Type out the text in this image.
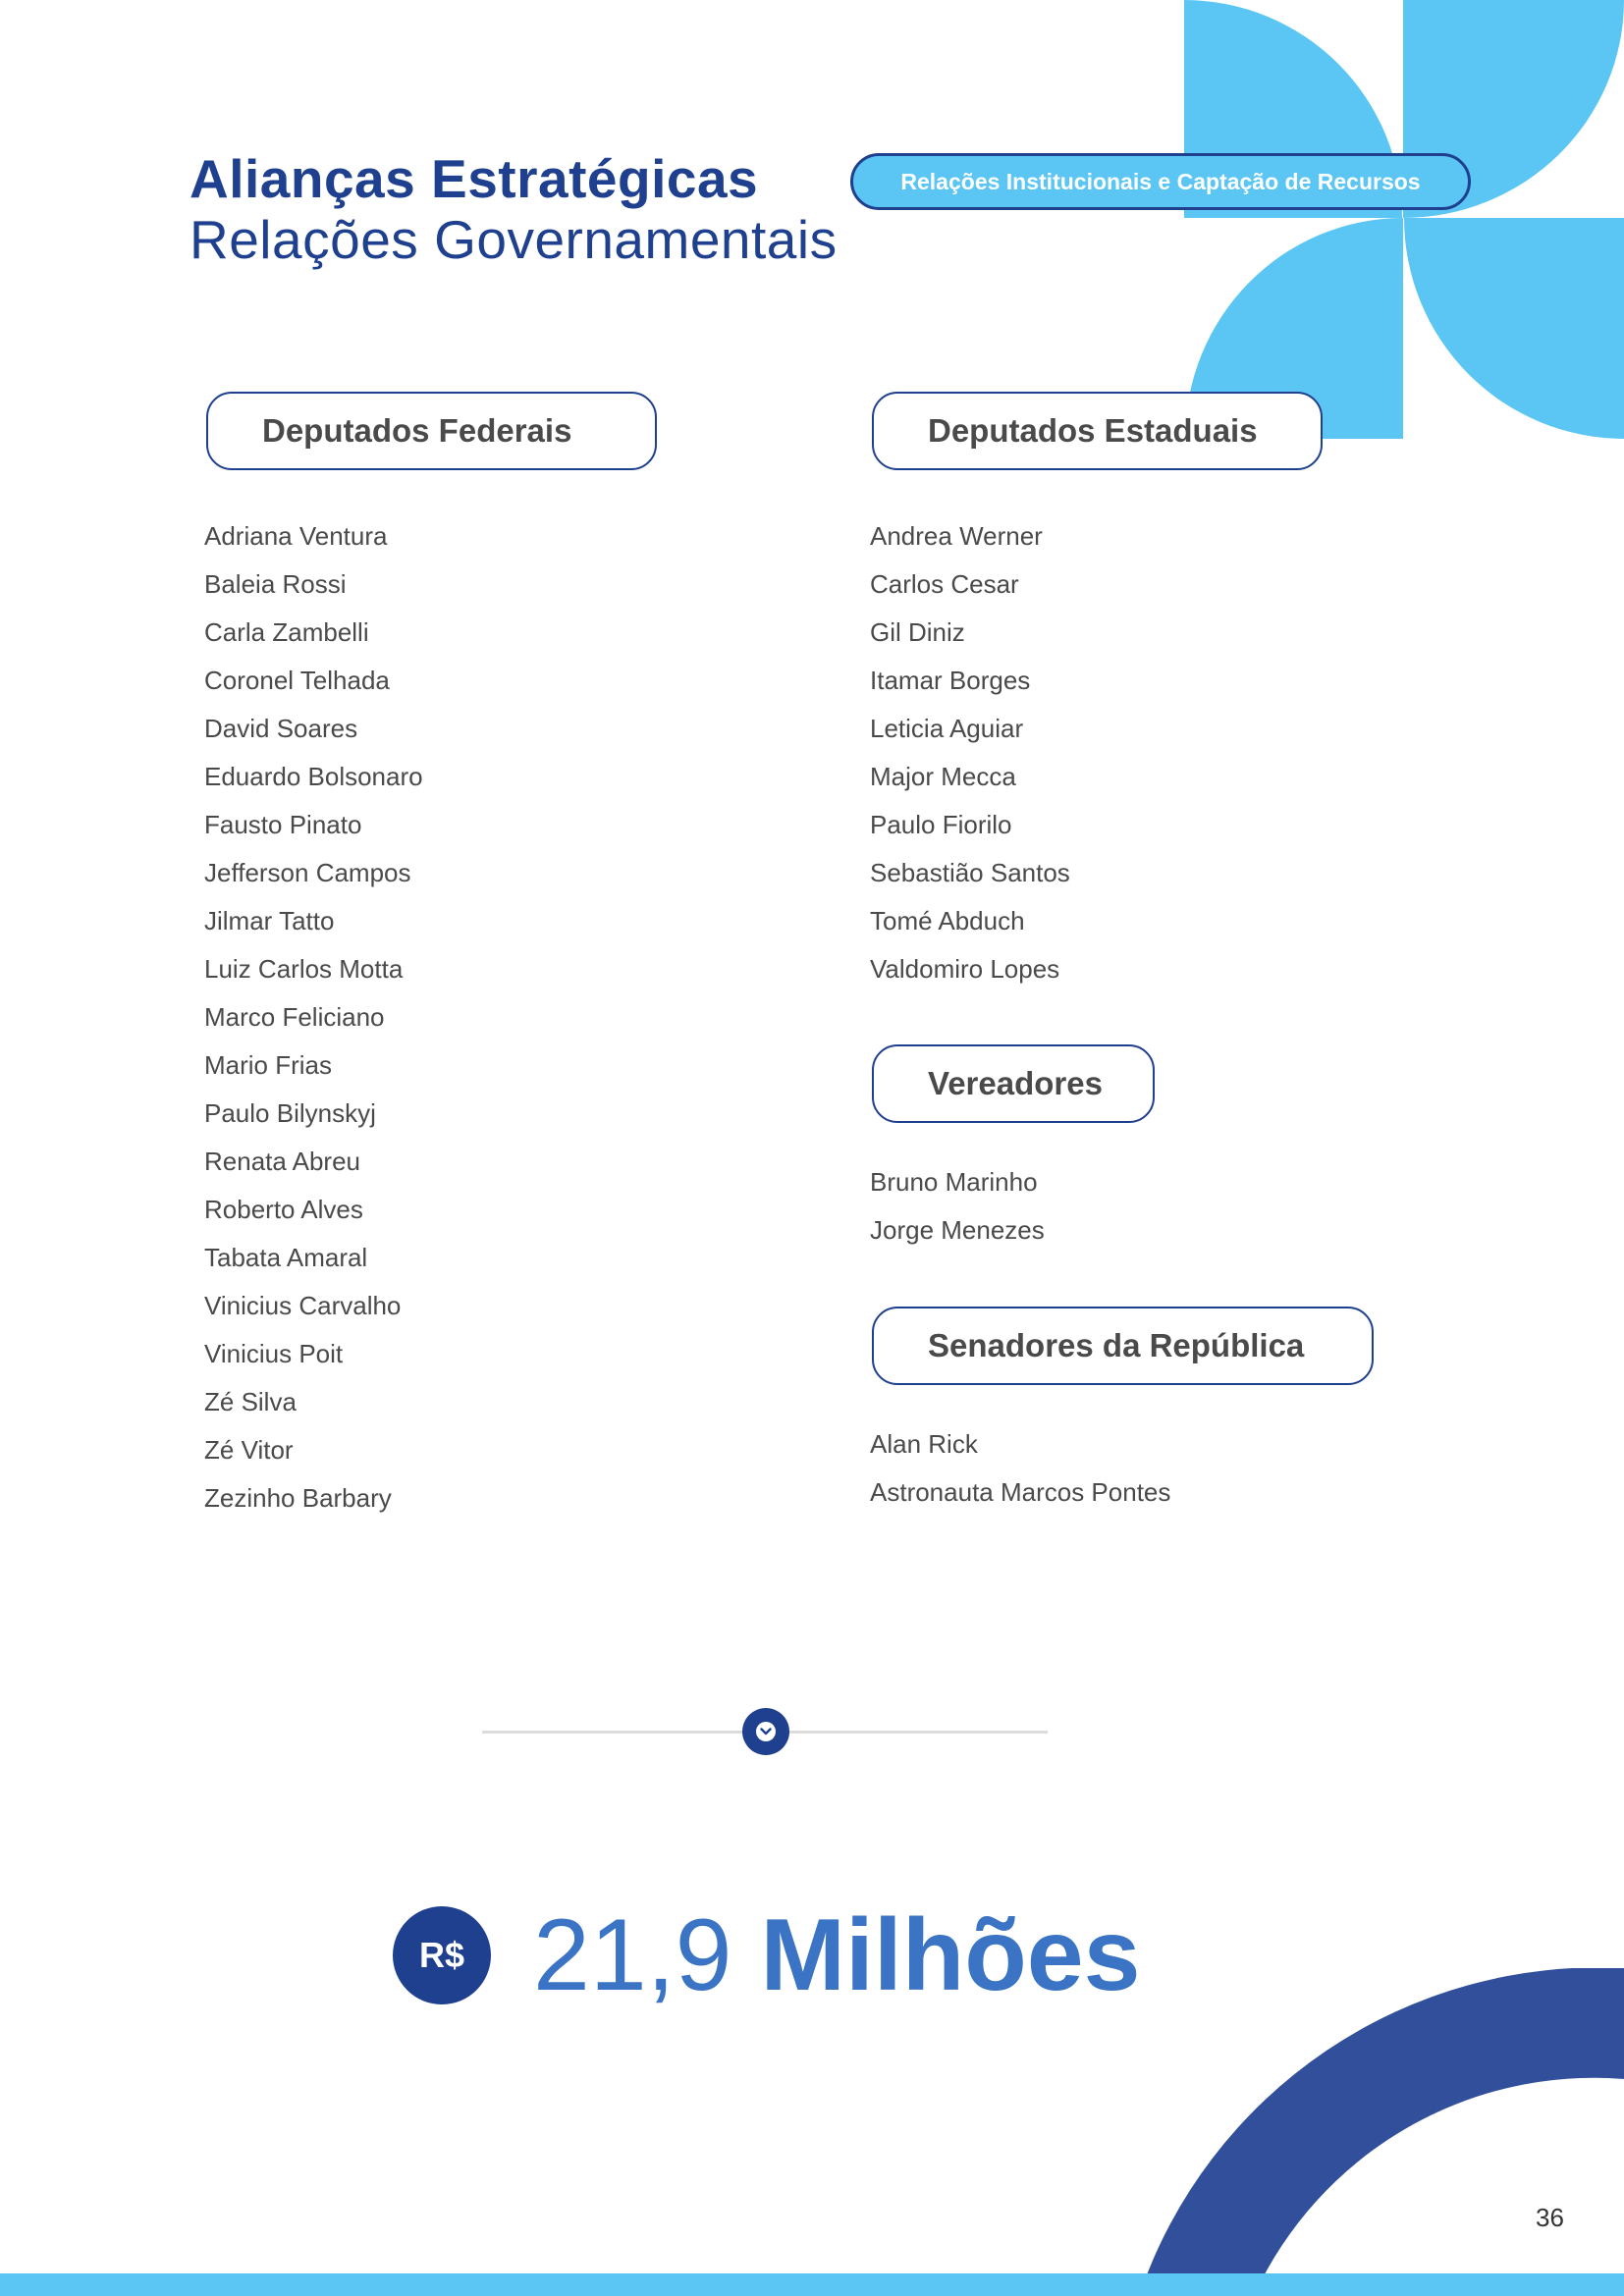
Alianças Estratégicas
Relações Governamentais
Relações Institucionais e Captação de Recursos
Deputados Federais
Adriana Ventura
Baleia Rossi
Carla Zambelli
Coronel Telhada
David Soares
Eduardo Bolsonaro
Fausto Pinato
Jefferson Campos
Jilmar Tatto
Luiz Carlos Motta
Marco Feliciano
Mario Frias
Paulo Bilynskyj
Renata Abreu
Roberto Alves
Tabata Amaral
Vinicius Carvalho
Vinicius Poit
Zé Silva
Zé Vitor
Zezinho Barbary
Deputados Estaduais
Andrea Werner
Carlos Cesar
Gil Diniz
Itamar Borges
Leticia Aguiar
Major Mecca
Paulo Fiorilo
Sebastião Santos
Tomé Abduch
Valdomiro Lopes
Vereadores
Bruno Marinho
Jorge Menezes
Senadores da República
Alan Rick
Astronauta Marcos Pontes
R$ 21,9 Milhões
36
